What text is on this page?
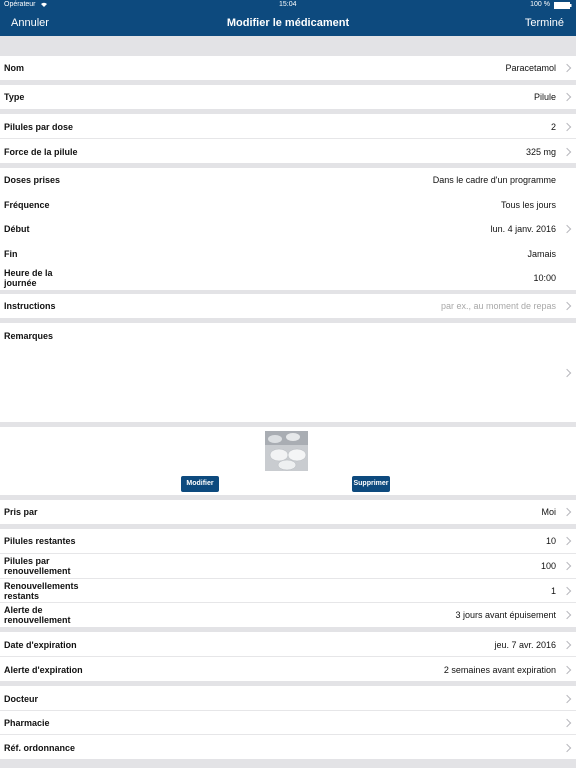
Opérateur	15:04	100 %
Annuler	Modifier le médicament	Terminé
Nom	Paracetamol
Type	Pilule
Pilules par dose	2
Force de la pilule	325 mg
Doses prises	Dans le cadre d'un programme
Fréquence	Tous les jours
Début	lun. 4 janv. 2016
Fin	Jamais
Heure de la
journée	10:00
Instructions	par ex., au moment de repas
Remarques
Modifier	Supprimer
Pris par	Moi
Pilules restantes	10
Pilules par
renouvellement	100
Renouvellements
restants	1
Alerte de
renouvellement	3 jours avant épuisement
Date d'expiration	jeu. 7 avr. 2016
Alerte d'expiration	2 semaines avant expiration
Docteur
Pharmacie
Réf. ordonnance
